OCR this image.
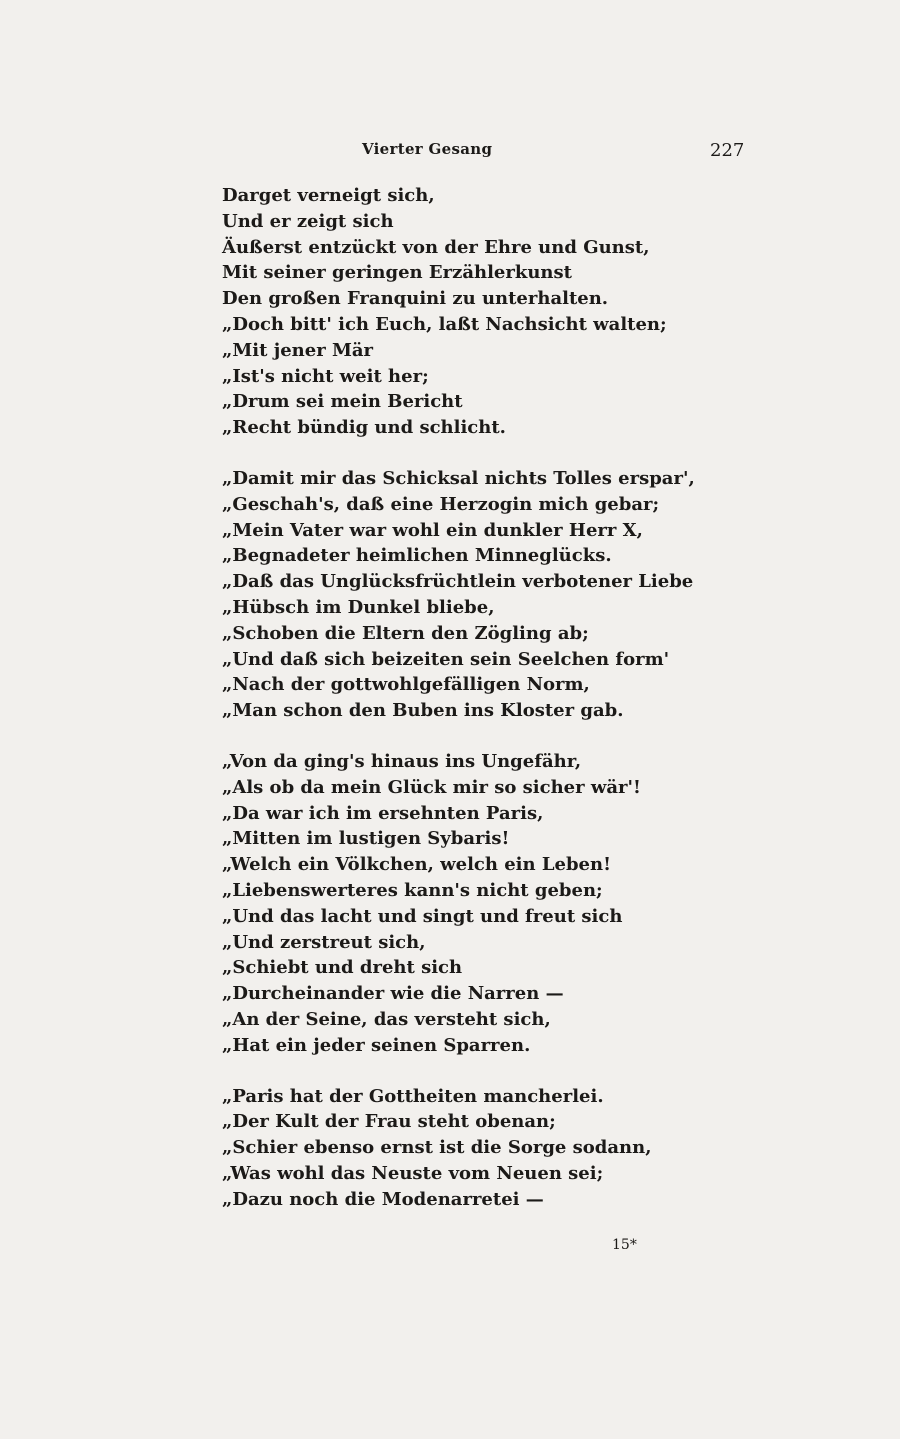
Vierter Gesang	227
Darget verneigt sich,
Und er zeigt sich
Äußerst entzückt von der Ehre und Gunst,
Mit seiner geringen Erzählerkunst
Den großen Franquini zu unterhalten.
„Doch bitt' ich Euch, laßt Nachsicht walten;
„Mit jener Mär
„Ist's nicht weit her;
„Drum sei mein Bericht
„Recht bündig und schlicht.
„Damit mir das Schicksal nichts Tolles erspar',
„Geschah's, daß eine Herzogin mich gebar;
„Mein Vater war wohl ein dunkler Herr X,
„Begnadeter heimlichen Minneglücks.
„Daß das Unglücksfrüchtlein verbotener Liebe
„Hübsch im Dunkel bliebe,
„Schoben die Eltern den Zögling ab;
„Und daß sich beizeiten sein Seelchen form'
„Nach der gottwohlgefälligen Norm,
„Man schon den Buben ins Kloster gab.
„Von da ging's hinaus ins Ungefähr,
„Als ob da mein Glück mir so sicher wär'!
„Da war ich im ersehnten Paris,
„Mitten im lustigen Sybaris!
„Welch ein Völkchen, welch ein Leben!
„Liebenswerteres kann's nicht geben;
„Und das lacht und singt und freut sich
„Und zerstreut sich,
„Schiebt und dreht sich
„Durcheinander wie die Narren —
„An der Seine, das versteht sich,
„Hat ein jeder seinen Sparren.
„Paris hat der Gottheiten mancherlei.
„Der Kult der Frau steht obenan;
„Schier ebenso ernst ist die Sorge sodann,
„Was wohl das Neuste vom Neuen sei;
„Dazu noch die Modenarretei —
15*
